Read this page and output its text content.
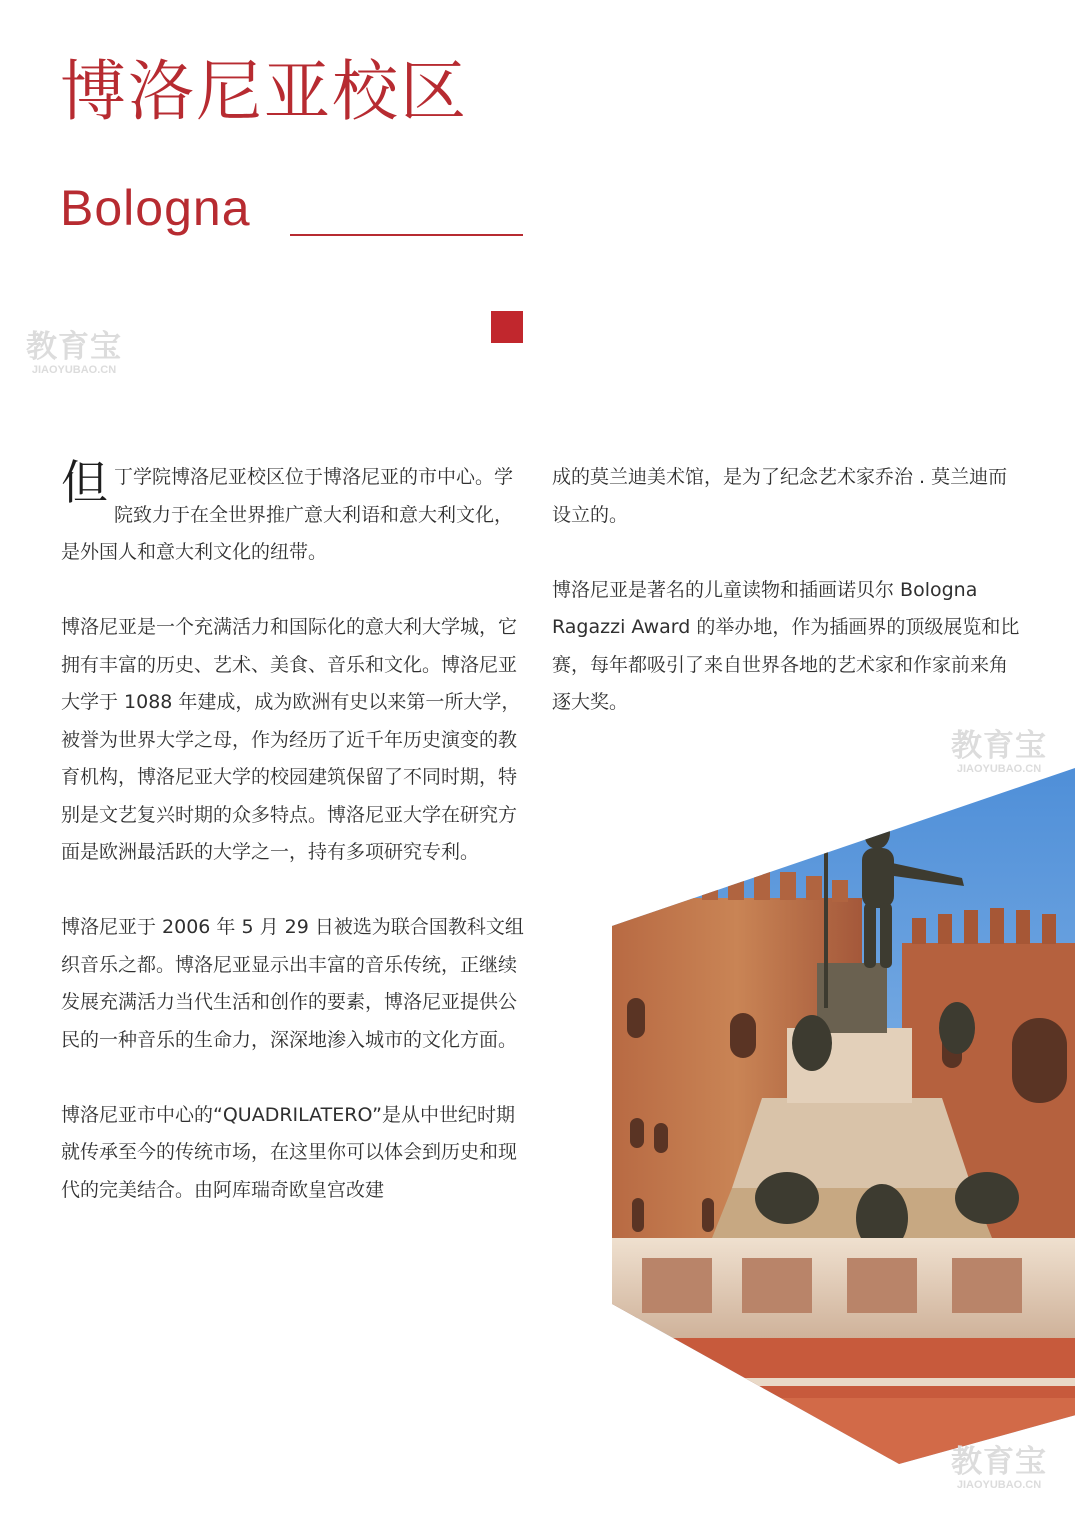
博洛尼亚校区
Bologna
教育宝
JIAOYUBAO.CN
教育宝
JIAOYUBAO.CN

但丁学院博洛尼亚校区位于博洛尼亚的市中心。学院致力于在全世界推广意大利语和意大利文化，是外国人和意大利文化的纽带。

博洛尼亚是一个充满活力和国际化的意大利大学城，它拥有丰富的历史、艺术、美食、音乐和文化。博洛尼亚大学于 1088 年建成，成为欧洲有史以来第一所大学，被誉为世界大学之母，作为经历了近千年历史演变的教育机构，博洛尼亚大学的校园建筑保留了不同时期，特别是文艺复兴时期的众多特点。博洛尼亚大学在研究方面是欧洲最活跃的大学之一，持有多项研究专利。

博洛尼亚于 2006 年 5 月 29 日被选为联合国教科文组织音乐之都。博洛尼亚显示出丰富的音乐传统，正继续发展充满活力当代生活和创作的要素，博洛尼亚提供公民的一种音乐的生命力，深深地渗入城市的文化方面。

博洛尼亚市中心的“QUADRILATERO”是从中世纪时期就传承至今的传统市场，在这里你可以体会到历史和现代的完美结合。由阿库瑞奇欧皇宫改建

成的莫兰迪美术馆，是为了纪念艺术家乔治 . 莫兰迪而设立的。

博洛尼亚是著名的儿童读物和插画诺贝尔 Bologna Ragazzi Award 的举办地，作为插画界的顶级展览和比赛，每年都吸引了来自世界各地的艺术家和作家前来角逐大奖。

教育宝
JIAOYUBAO.CN
